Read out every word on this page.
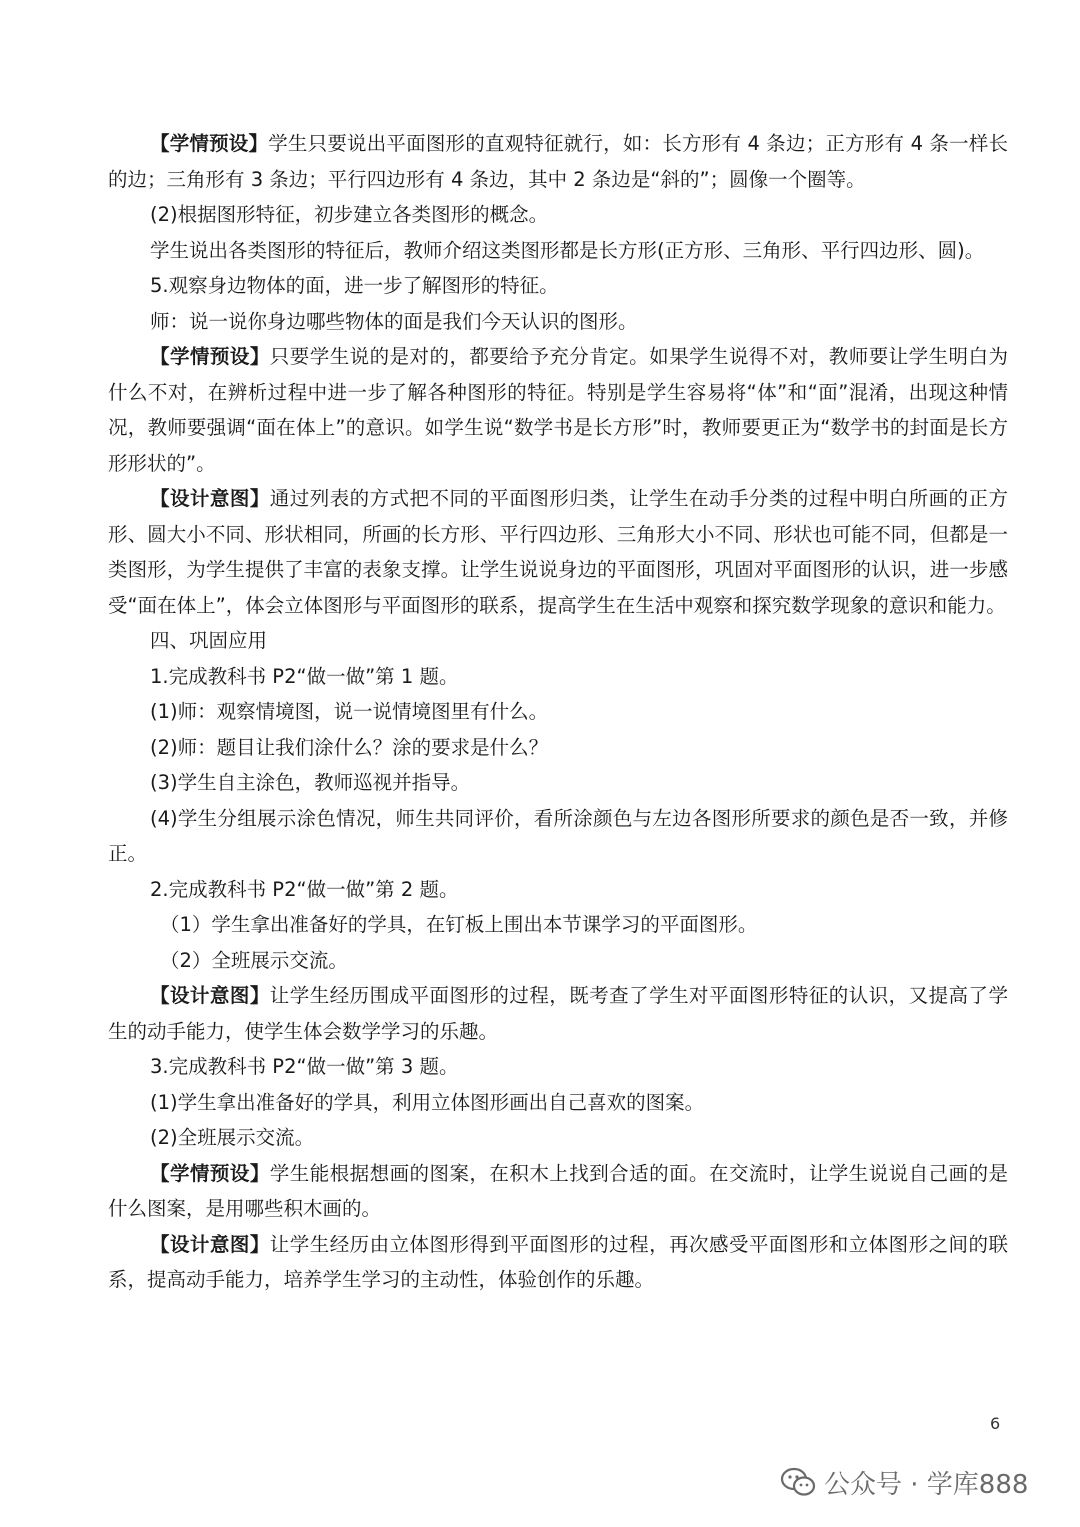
【学情预设】学生只要说出平面图形的直观特征就行，如：长方形有 4 条边；正方形有 4 条一样长的边；三角形有 3 条边；平行四边形有 4 条边，其中 2 条边是“斜的”；圆像一个圈等。

(2)根据图形特征，初步建立各类图形的概念。

学生说出各类图形的特征后，教师介绍这类图形都是长方形(正方形、三角形、平行四边形、圆)。

5.观察身边物体的面，进一步了解图形的特征。

师：说一说你身边哪些物体的面是我们今天认识的图形。

【学情预设】只要学生说的是对的，都要给予充分肯定。如果学生说得不对，教师要让学生明白为什么不对，在辨析过程中进一步了解各种图形的特征。特别是学生容易将“体”和“面”混淆，出现这种情况，教师要强调“面在体上”的意识。如学生说“数学书是长方形”时，教师要更正为“数学书的封面是长方形形状的”。

【设计意图】通过列表的方式把不同的平面图形归类，让学生在动手分类的过程中明白所画的正方形、圆大小不同、形状相同，所画的长方形、平行四边形、三角形大小不同、形状也可能不同，但都是一类图形，为学生提供了丰富的表象支撑。让学生说说身边的平面图形，巩固对平面图形的认识，进一步感受“面在体上”，体会立体图形与平面图形的联系，提高学生在生活中观察和探究数学现象的意识和能力。

四、巩固应用

1.完成教科书 P2“做一做”第 1 题。

(1)师：观察情境图，说一说情境图里有什么。

(2)师：题目让我们涂什么？涂的要求是什么？

(3)学生自主涂色，教师巡视并指导。

(4)学生分组展示涂色情况，师生共同评价，看所涂颜色与左边各图形所要求的颜色是否一致，并修正。

2.完成教科书 P2“做一做”第 2 题。

（1）学生拿出准备好的学具，在钉板上围出本节课学习的平面图形。

（2）全班展示交流。

【设计意图】让学生经历围成平面图形的过程，既考查了学生对平面图形特征的认识，又提高了学生的动手能力，使学生体会数学学习的乐趣。

3.完成教科书 P2“做一做”第 3 题。

(1)学生拿出准备好的学具，利用立体图形画出自己喜欢的图案。

(2)全班展示交流。

【学情预设】学生能根据想画的图案，在积木上找到合适的面。在交流时，让学生说说自己画的是什么图案，是用哪些积木画的。

【设计意图】让学生经历由立体图形得到平面图形的过程，再次感受平面图形和立体图形之间的联系，提高动手能力，培养学生学习的主动性，体验创作的乐趣。

6
公众号 · 学库888
